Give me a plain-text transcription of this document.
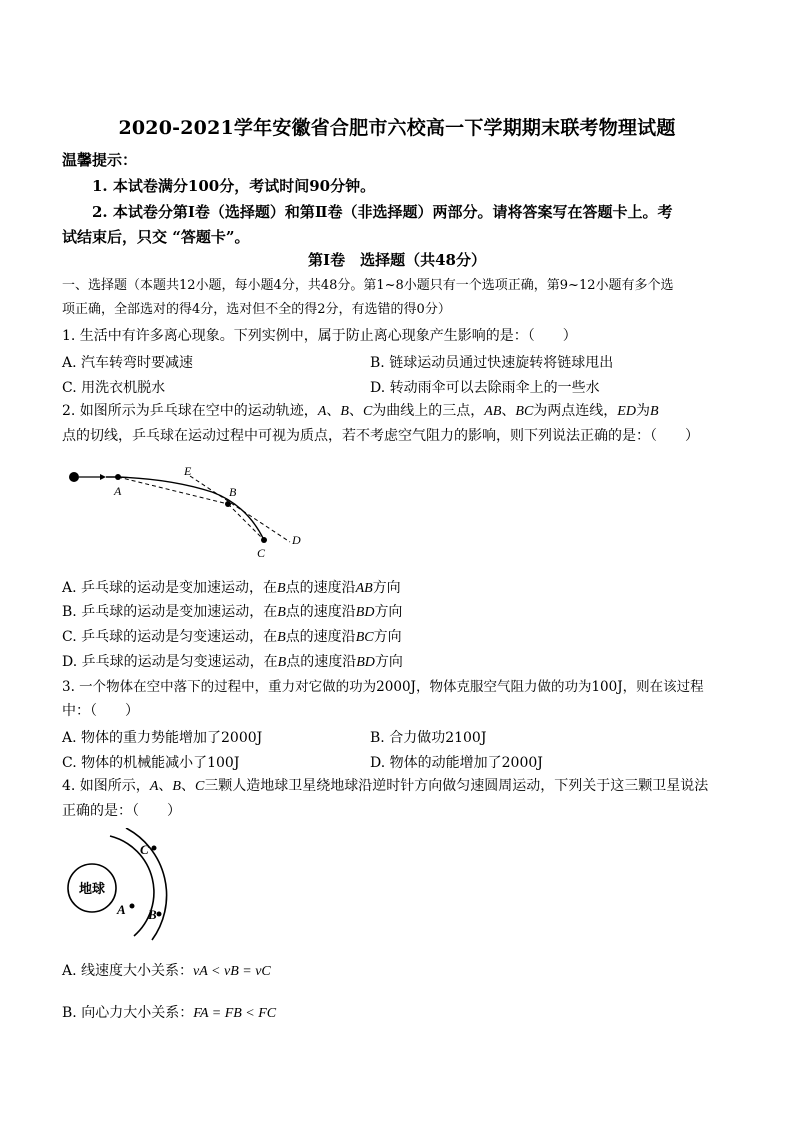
2020-2021学年安徽省合肥市六校高一下学期期末联考物理试题
温馨提示：
1. 本试卷满分100分，考试时间90分钟。
2. 本试卷分第Ⅰ卷（选择题）和第Ⅱ卷（非选择题）两部分。请将答案写在答题卡上。考
试结束后，只交 “答题卡”。
第Ⅰ卷　选择题（共48分）
一、选择题（本题共12小题，每小题4分，共48分。第1~8小题只有一个选项正确，第9~12小题有多个选
项正确，全部选对的得4分，选对但不全的得2分，有选错的得0分）
1. 生活中有许多离心现象。下列实例中，属于防止离心现象产生影响的是：（　　）
A. 汽车转弯时要减速	B. 链球运动员通过快速旋转将链球甩出
C. 用洗衣机脱水	D. 转动雨伞可以去除雨伞上的一些水
2. 如图所示为乒乓球在空中的运动轨迹，A、B、C为曲线上的三点，AB、BC为两点连线，ED为B
点的切线，乒乓球在运动过程中可视为质点，若不考虑空气阻力的影响，则下列说法正确的是：（　　）
A	B
C
D
E
A. 乒乓球的运动是变加速运动，在B点的速度沿AB方向
B. 乒乓球的运动是变加速运动，在B点的速度沿BD方向
C. 乒乓球的运动是匀变速运动，在B点的速度沿BC方向
D. 乒乓球的运动是匀变速运动，在B点的速度沿BD方向
3. 一个物体在空中落下的过程中，重力对它做的功为2000J，物体克服空气阻力做的功为100J，则在该过程
中：（　　）
A. 物体的重力势能增加了2000J	B. 合力做功2100J
C. 物体的机械能减小了100J	D. 物体的动能增加了2000J
4. 如图所示，A、B、C三颗人造地球卫星绕地球沿逆时针方向做匀速圆周运动，下列关于这三颗卫星说法
正确的是：（　　）
地球
A B
C
A. 线速度大小关系：vA < vB = vC
B. 向心力大小关系：FA = FB < FC
